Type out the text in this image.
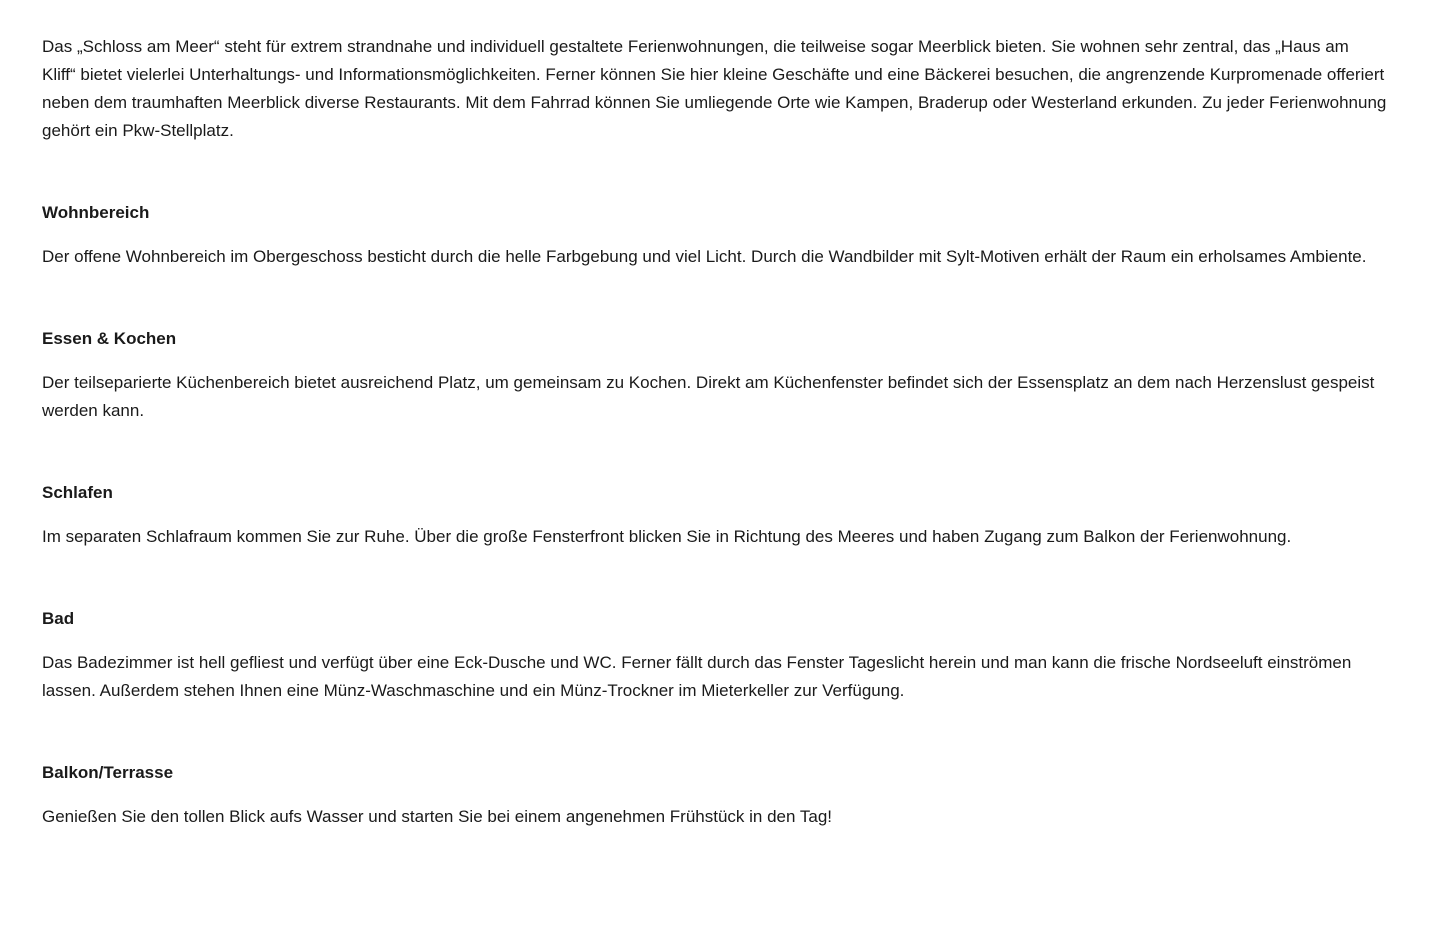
Das „Schloss am Meer“ steht für extrem strandnahe und individuell gestaltete Ferienwohnungen, die teilweise sogar Meerblick bieten. Sie wohnen sehr zentral, das „Haus am Kliff“ bietet vielerlei Unterhaltungs- und Informationsmöglichkeiten. Ferner können Sie hier kleine Geschäfte und eine Bäckerei besuchen, die angrenzende Kurpromenade offeriert neben dem traumhaften Meerblick diverse Restaurants. Mit dem Fahrrad können Sie umliegende Orte wie Kampen, Braderup oder Westerland erkunden. Zu jeder Ferienwohnung gehört ein Pkw-Stellplatz.

Wohnbereich

Der offene Wohnbereich im Obergeschoss besticht durch die helle Farbgebung und viel Licht. Durch die Wandbilder mit Sylt-Motiven erhält der Raum ein erholsames Ambiente.

Essen & Kochen

Der teilseparierte Küchenbereich bietet ausreichend Platz, um gemeinsam zu Kochen. Direkt am Küchenfenster befindet sich der Essensplatz an dem nach Herzenslust gespeist werden kann.

Schlafen

Im separaten Schlafraum kommen Sie zur Ruhe. Über die große Fensterfront blicken Sie in Richtung des Meeres und haben Zugang zum Balkon der Ferienwohnung.

Bad

Das Badezimmer ist hell gefliest und verfügt über eine Eck-Dusche und WC. Ferner fällt durch das Fenster Tageslicht herein und man kann die frische Nordseeluft einströmen lassen. Außerdem stehen Ihnen eine Münz-Waschmaschine und ein Münz-Trockner im Mieterkeller zur Verfügung.

Balkon/Terrasse

Genießen Sie den tollen Blick aufs Wasser und starten Sie bei einem angenehmen Frühstück in den Tag!
